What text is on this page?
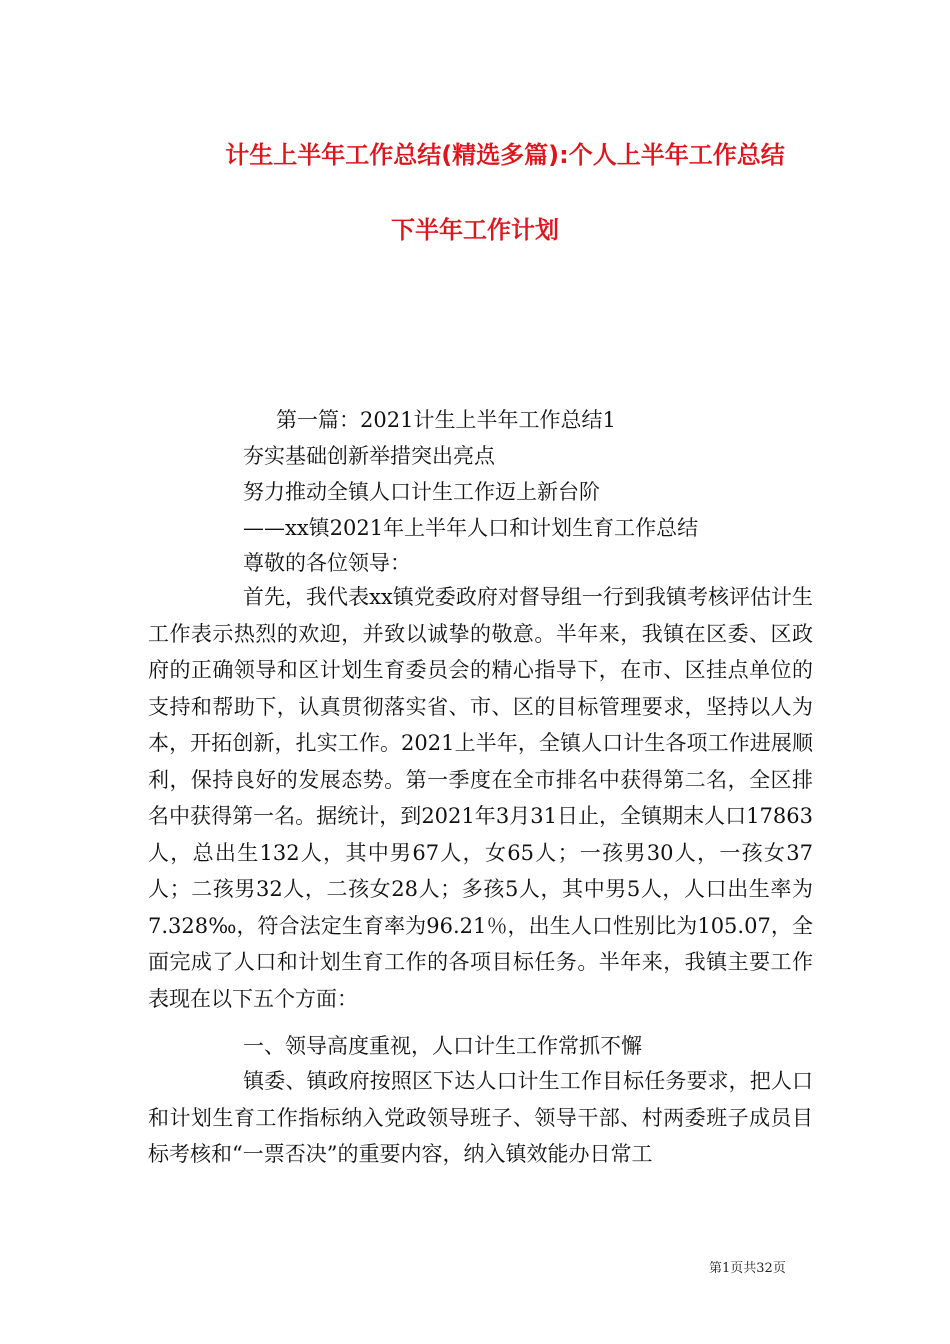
计生上半年工作总结(精选多篇):个人上半年工作总结
下半年工作计划
第一篇：2021计生上半年工作总结1
夯实基础创新举措突出亮点
努力推动全镇人口计生工作迈上新台阶
——xx镇2021年上半年人口和计划生育工作总结
尊敬的各位领导：
首先，我代表xx镇党委政府对督导组一行到我镇考核评估计生工作表示热烈的欢迎，并致以诚挚的敬意。半年来，我镇在区委、区政府的正确领导和区计划生育委员会的精心指导下，在市、区挂点单位的支持和帮助下，认真贯彻落实省、市、区的目标管理要求，坚持以人为本，开拓创新，扎实工作。2021上半年，全镇人口计生各项工作进展顺利，保持良好的发展态势。第一季度在全市排名中获得第二名，全区排名中获得第一名。据统计，到2021年3月31日止，全镇期末人口17863人，总出生132人，其中男67人，女65人；一孩男30人，一孩女37人；二孩男32人，二孩女28人；多孩5人，其中男5人，人口出生率为7.328‰，符合法定生育率为96.21％，出生人口性别比为105.07，全面完成了人口和计划生育工作的各项目标任务。半年来，我镇主要工作表现在以下五个方面：
一、领导高度重视，人口计生工作常抓不懈
镇委、镇政府按照区下达人口计生工作目标任务要求，把人口和计划生育工作指标纳入党政领导班子、领导干部、村两委班子成员目标考核和“一票否决”的重要内容，纳入镇效能办日常工
第1页共32页
